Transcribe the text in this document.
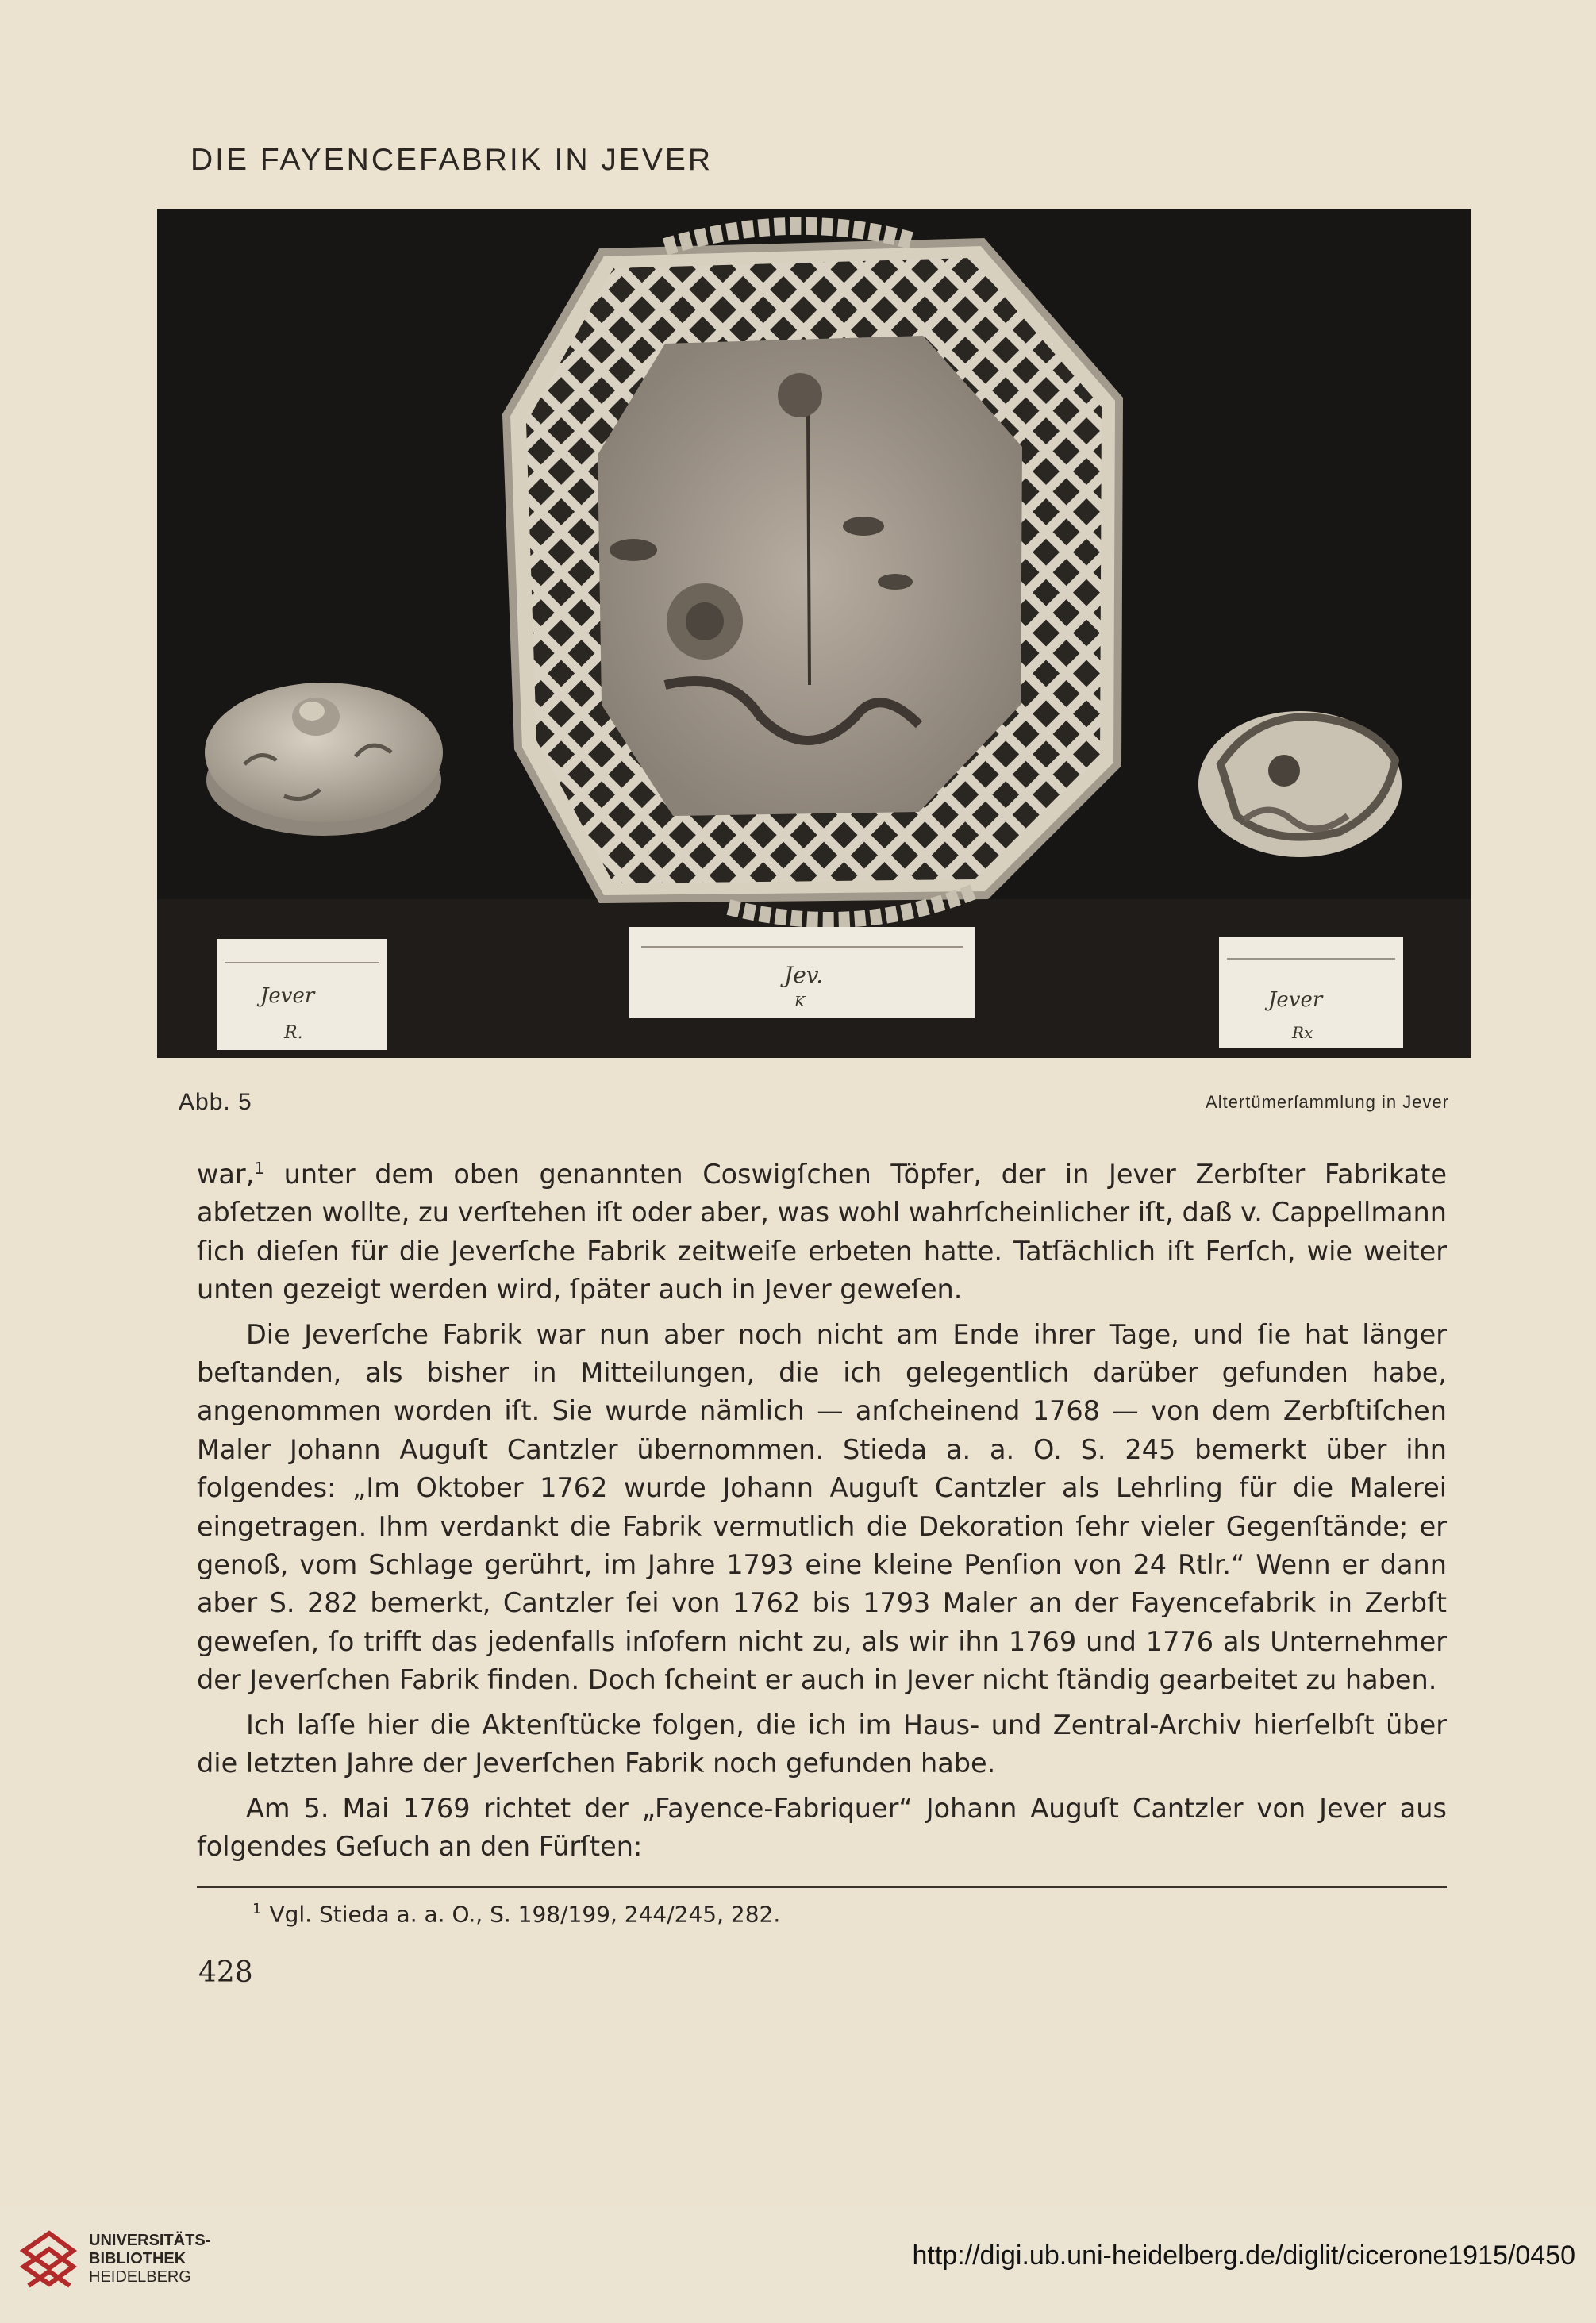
DIE FAYENCEFABRIK IN JEVER
Jever
R.
Jev.
K	Jever
Rx
Abb. 5	Altertümerſammlung in Jever

war,$^1$ unter dem oben genannten Coswigſchen Töpfer, der in Jever Zerbſter Fabrikate abſetzen wollte, zu verſtehen iſt oder aber, was wohl wahrſcheinlicher iſt, daß v. Cappellmann ſich dieſen für die Jeverſche Fabrik zeitweiſe erbeten hatte. Tatſächlich iſt Ferſch, wie weiter unten gezeigt werden wird, ſpäter auch in Jever geweſen.

Die Jeverſche Fabrik war nun aber noch nicht am Ende ihrer Tage, und ſie hat länger beſtanden, als bisher in Mitteilungen, die ich gelegentlich darüber gefunden habe, angenommen worden iſt. Sie wurde nämlich — anſcheinend 1768 — von dem Zerbſtiſchen Maler Johann Auguſt Cantzler übernommen. Stieda a. a. O. S. 245 bemerkt über ihn folgendes: „Im Oktober 1762 wurde Johann Auguſt Cantzler als Lehrling für die Malerei eingetragen. Ihm verdankt die Fabrik vermutlich die Dekoration ſehr vieler Gegenſtände; er genoß, vom Schlage gerührt, im Jahre 1793 eine kleine Penſion von 24 Rtlr.“ Wenn er dann aber S. 282 bemerkt, Cantzler ſei von 1762 bis 1793 Maler an der Fayencefabrik in Zerbſt geweſen, ſo trifft das jedenfalls inſofern nicht zu, als wir ihn 1769 und 1776 als Unternehmer der Jeverſchen Fabrik finden. Doch ſcheint er auch in Jever nicht ſtändig gearbeitet zu haben.

Ich laſſe hier die Aktenſtücke folgen, die ich im Haus- und Zentral-Archiv hierſelbſt über die letzten Jahre der Jeverſchen Fabrik noch gefunden habe.

Am 5. Mai 1769 richtet der „Fayence-Fabriquer“ Johann Auguſt Cantzler von Jever aus folgendes Geſuch an den Fürſten:

$^1$ Vgl. Stieda a. a. O., S. 198/199, 244/245, 282.
428
UNIVERSITÄTS-
BIBLIOTHEK
HEIDELBERG
http://digi.ub.uni-heidelberg.de/diglit/cicerone1915/0450
